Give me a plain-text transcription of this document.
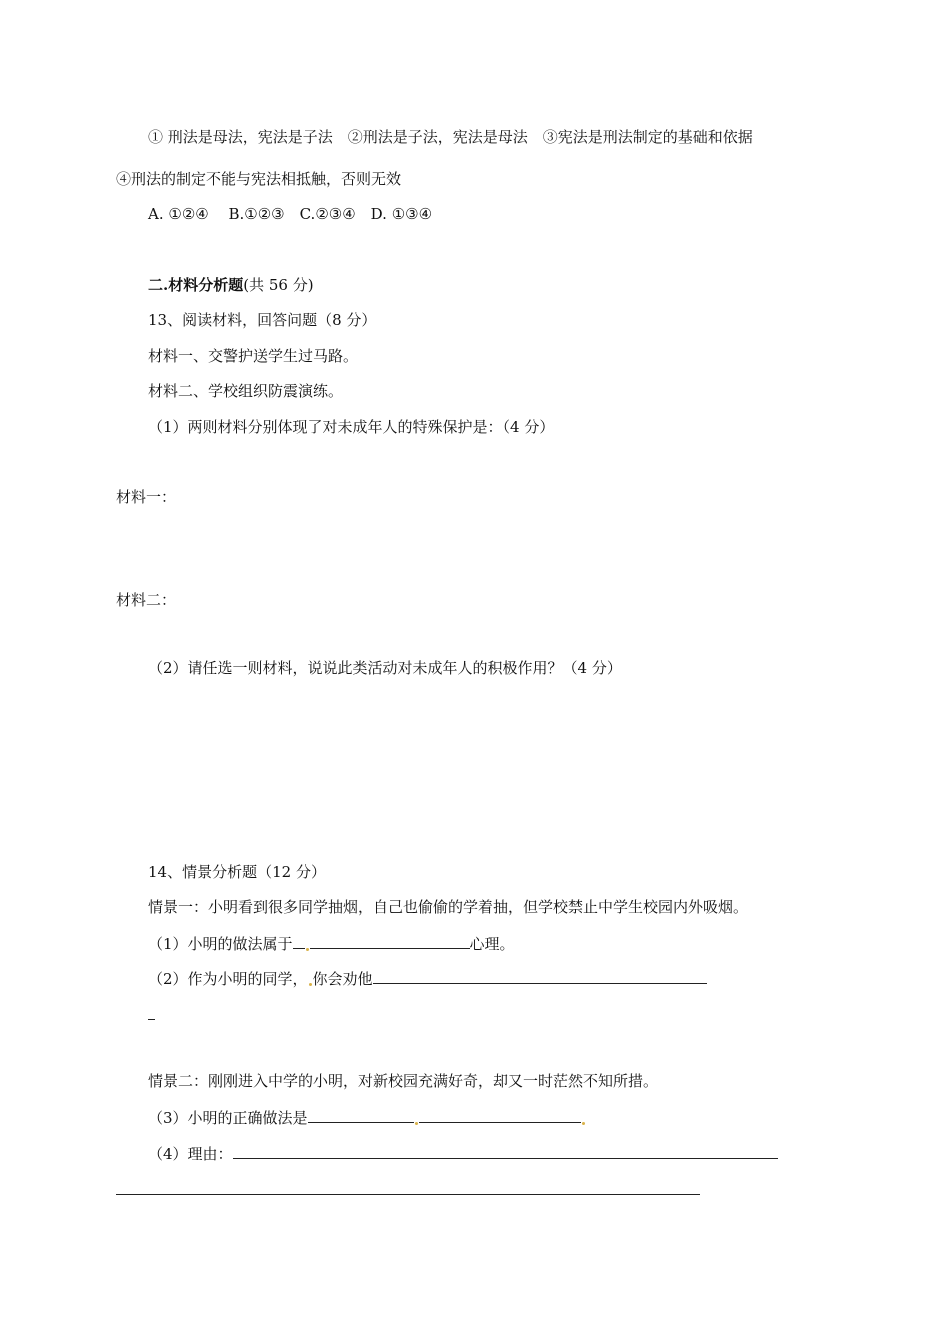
① 刑法是母法，宪法是子法　②刑法是子法，宪法是母法　③宪法是刑法制定的基础和依据
④刑法的制定不能与宪法相抵触，否则无效
A. ①②④　 B.①②③　C.②③④　D. ①③④
二.材料分析题(共 56 分)
13、阅读材料，回答问题（8 分）
材料一、交警护送学生过马路。
材料二、学校组织防震演练。
（1）两则材料分别体现了对未成年人的特殊保护是：（4 分）
材料一：
材料二：
（2）请任选一则材料，说说此类活动对未成年人的积极作用？（4 分）
14、情景分析题（12 分）
情景一：小明看到很多同学抽烟，自己也偷偷的学着抽，但学校禁止中学生校园内外吸烟。
（1）小明的做法属于	心理。
（2）作为小明的同学， 你会劝他
情景二：刚刚进入中学的小明，对新校园充满好奇，却又一时茫然不知所措。
（3）小明的正确做法是
（4）理由：
